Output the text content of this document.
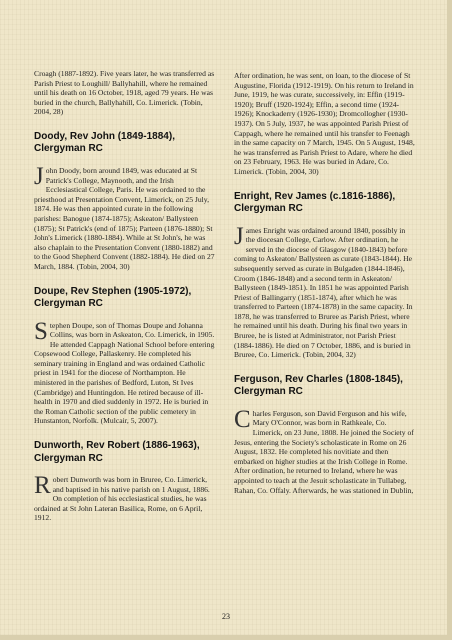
Croagh (1887-1892). Five years later, he was transferred as Parish Priest to Loughill/ Ballyhahill, where he remained until his death on 16 October, 1918, aged 79 years. He was buried in the church, Ballyhahill, Co. Limerick. (Tobin, 2004, 28)

Doody, Rev John (1849-1884), Clergyman RC

John Doody, born around 1849, was educated at St Patrick's College, Maynooth, and the Irish Ecclesiastical College, Paris. He was ordained to the priesthood at Presentation Convent, Limerick, on 25 July, 1874. He was then appointed curate in the following parishes: Banogue (1874-1875); Askeaton/ Ballysteen (1875); St Patrick's (end of 1875); Parteen (1876-1880); St John's Limerick (1880-1884). While at St John's, he was also chaplain to the Presentation Convent (1880-1882) and to the Good Shepherd Convent (1882-1884). He died on 27 March, 1884. (Tobin, 2004, 30)

Doupe, Rev Stephen (1905-1972), Clergyman RC

Stephen Doupe, son of Thomas Doupe and Johanna Collins, was born in Askeaton, Co. Limerick, in 1905. He attended Cappagh National School before entering Copsewood College, Pallaskenry. He completed his seminary training in England and was ordained Catholic priest in 1941 for the diocese of Northampton. He ministered in the parishes of Bedford, Luton, St Ives (Cambridge) and Huntingdon. He retired because of ill-health in 1970 and died suddenly in 1972. He is buried in the Roman Catholic section of the public cemetery in Hunstanton, Norfolk. (Mulcair, 5, 2007).

Dunworth, Rev Robert (1886-1963), Clergyman RC

Robert Dunworth was born in Bruree, Co. Limerick, and baptised in his native parish on 1 August, 1886. On completion of his ecclesiastical studies, he was ordained at St John Lateran Basilica, Rome, on 6 April, 1912.

After ordination, he was sent, on loan, to the diocese of St Augustine, Florida (1912-1919). On his return to Ireland in June, 1919, he was curate, successively, in: Effin (1919-1920); Bruff (1920-1924); Effin, a second time (1924-1926); Knockaderry (1926-1930); Dromcollogher (1930-1937). On 5 July, 1937, he was appointed Parish Priest of Cappagh, where he remained until his transfer to Feenagh in the same capacity on 7 March, 1945. On 5 August, 1948, he was transferred as Parish Priest to Adare, where he died on 23 February, 1963. He was buried in Adare, Co. Limerick. (Tobin, 2004, 30)

Enright, Rev James (c.1816-1886), Clergyman RC

James Enright was ordained around 1840, possibly in the diocesan College, Carlow. After ordination, he served in the diocese of Glasgow (1840-1843) before coming to Askeaton/ Ballysteen as curate (1843-1844). He subsequently served as curate in Bulgaden (1844-1846), Croom (1846-1848) and a second term in Askeaton/ Ballysteen (1849-1851). In 1851 he was appointed Parish Priest of Ballingarry (1851-1874), after which he was transferred to Parteen (1874-1878) in the same capacity. In 1878, he was transferred to Bruree as Parish Priest, where he remained until his death. During his final two years in Bruree, he is listed at Administrator, not Parish Priest (1884-1886). He died on 7 October, 1886, and is buried in Bruree, Co. Limerick. (Tobin, 2004, 32)

Ferguson, Rev Charles (1808-1845), Clergyman RC

Charles Ferguson, son David Ferguson and his wife, Mary O'Connor, was born in Rathkeale, Co. Limerick, on 23 June, 1808. He joined the Society of Jesus, entering the Society's scholasticate in Rome on 26 August, 1832. He completed his novitiate and then embarked on higher studies at the Irish College in Rome. After ordination, he returned to Ireland, where he was appointed to teach at the Jesuit scholasticate in Tullabeg, Rahan, Co. Offaly. Afterwards, he was stationed in Dublin,

23
